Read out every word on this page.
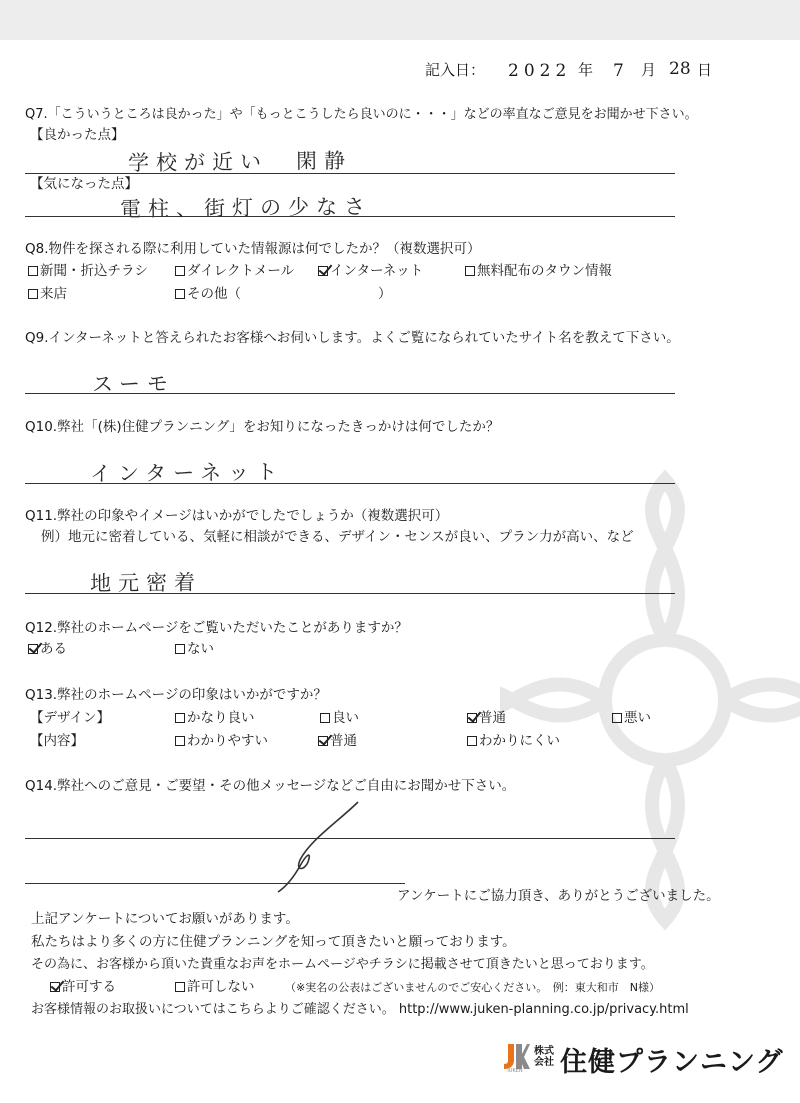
記入日： 2022 年 7 月 28 日
Q7.「こういうところは良かった」や「もっとこうしたら良いのに・・・」などの率直なご意見をお聞かせ下さい。
【良かった点】
学校が近い　閑静
【気になった点】
電柱、街灯の少なさ
Q8.物件を探される際に利用していた情報源は何でしたか？（複数選択可）
新聞・折込チラシ	ダイレクトメール	インターネット	無料配布のタウン情報
来店	その他（	）
Q9.インターネットと答えられたお客様へお伺いします。よくご覧になられていたサイト名を教えて下さい。
スーモ
Q10.弊社「(株)住健プランニング」をお知りになったきっかけは何でしたか？
インターネット
Q11.弊社の印象やイメージはいかがでしたでしょうか（複数選択可）
例）地元に密着している、気軽に相談ができる、デザイン・センスが良い、プラン力が高い、など
地元密着
Q12.弊社のホームページをご覧いただいたことがありますか？
ある	ない
Q13.弊社のホームページの印象はいかがですか？
【デザイン】	かなり良い	良い	普通	悪い
【内容】	わかりやすい	普通	わかりにくい
Q14.弊社へのご意見・ご要望・その他メッセージなどご自由にお聞かせ下さい。
アンケートにご協力頂き、ありがとうございました。
上記アンケートについてお願いがあります。
私たちはより多くの方に住健プランニングを知って頂きたいと願っております。
その為に、お客様から頂いた貴重なお声をホームページやチラシに掲載させて頂きたいと思っております。
許可する	許可しない	（※実名の公表はございませんのでご安心ください。　例：東大和市　N様）
お客様情報のお取扱いについてはこちらよりご確認ください。 http://www.juken-planning.co.jp/privacy.html
JUKEN
株式会社 住健プランニング
